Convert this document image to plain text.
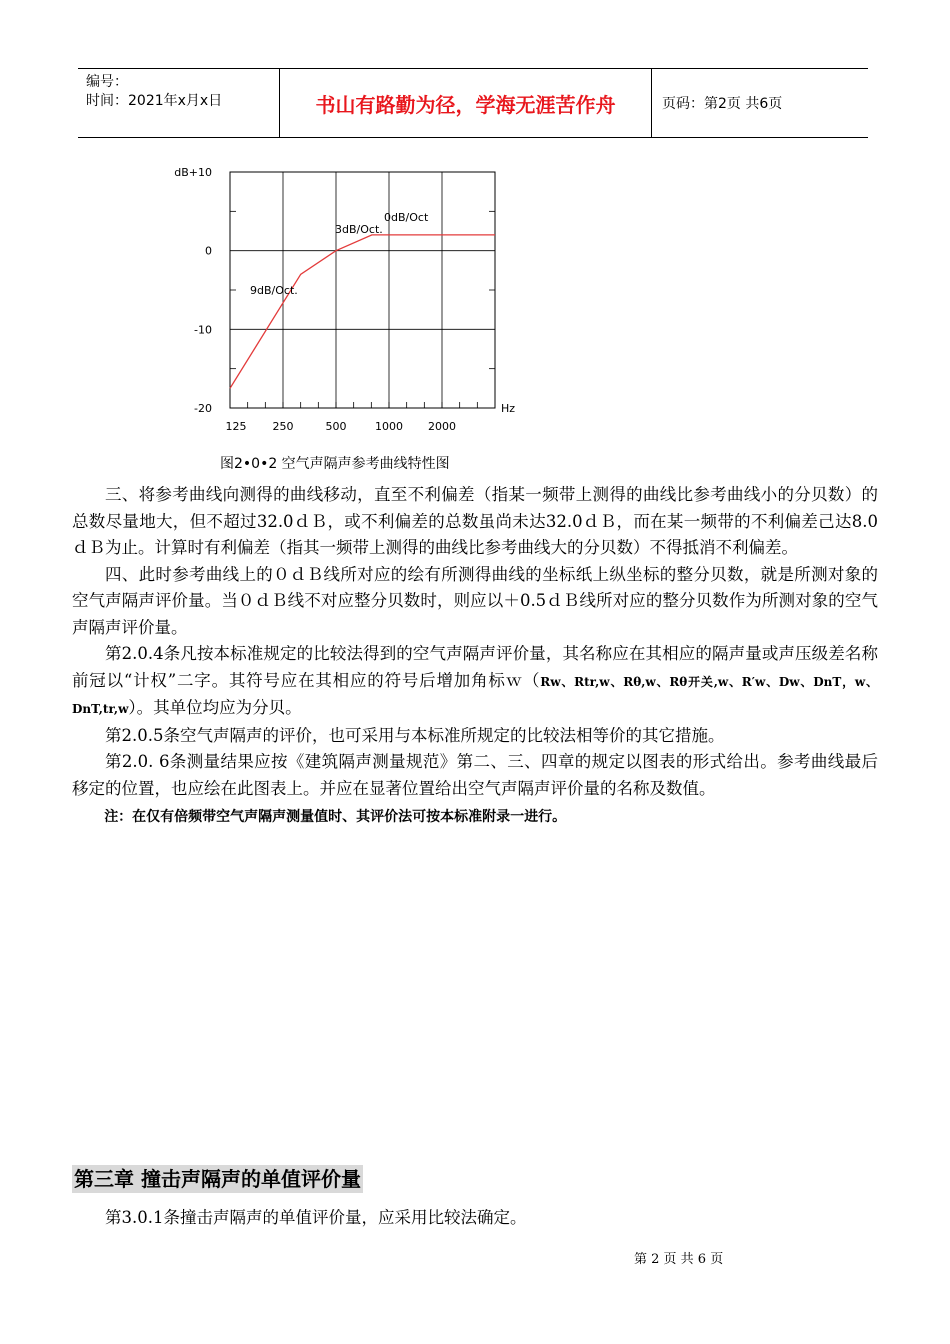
编号：
时间：2021年x月x日	书山有路勤为径，学海无涯苦作舟	页码：第2页 共6页
dB+10
0
-10
-20
125 250	500	1000 2000
Hz
9dB/Oct.
3dB/Oct.
0dB/Oct
图2•0•2 空气声隔声参考曲线特性图

三、将参考曲线向测得的曲线移动，直至不利偏差（指某一频带上测得的曲线比参考曲线小的分贝数）的总数尽量地大，但不超过32.0ｄＢ，或不利偏差的总数虽尚未达32.0ｄＢ，而在某一频带的不利偏差己达8.0ｄＢ为止。计算时有利偏差（指其一频带上测得的曲线比参考曲线大的分贝数）不得抵消不利偏差。

四、此时参考曲线上的０ｄＢ线所对应的绘有所测得曲线的坐标纸上纵坐标的整分贝数，就是所测对象的空气声隔声评价量。当０ｄＢ线不对应整分贝数时，则应以＋0.5ｄＢ线所对应的整分贝数作为所测对象的空气声隔声评价量。

第2.0.4条凡按本标准规定的比较法得到的空气声隔声评价量，其名称应在其相应的隔声量或声压级差名称前冠以“计权”二字。其符号应在其相应的符号后增加角标ｗ（Rw、Rtr,w、Rθ,w、Rθ开关,w、R′w、Dw、DnT，w、DnT,tr,w）。其单位均应为分贝。

第2.0.5条空气声隔声的评价，也可采用与本标准所规定的比较法相等价的其它措施。

第2.0. 6条测量结果应按《建筑隔声测量规范》第二、三、四章的规定以图表的形式给出。参考曲线最后移定的位置，也应绘在此图表上。并应在显著位置给出空气声隔声评价量的名称及数值。

注：在仅有倍频带空气声隔声测量值时、其评价法可按本标准附录一进行。

第三章 撞击声隔声的单值评价量
第3.0.1条撞击声隔声的单值评价量，应采用比较法确定。
第 2 页 共 6 页
